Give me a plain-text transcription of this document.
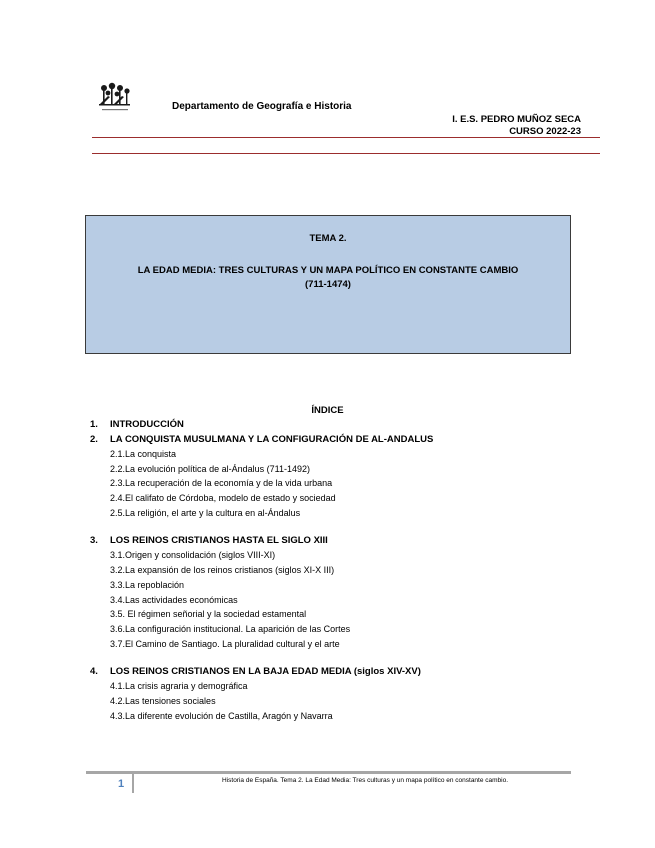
Departamento de Geografía e Historia
I. E.S. PEDRO MUÑOZ SECA
CURSO 2022-23
TEMA 2.
LA EDAD MEDIA: TRES CULTURAS Y UN MAPA POLÍTICO EN CONSTANTE CAMBIO
(711-1474)
ÍNDICE
1. INTRODUCCIÓN
2. LA CONQUISTA MUSULMANA Y LA CONFIGURACIÓN DE AL-ANDALUS
2.1.La conquista
2.2.La evolución política de al-Ándalus (711-1492)
2.3.La recuperación de la economía y de la vida urbana
2.4.El califato de Córdoba, modelo de estado y sociedad
2.5.La religión, el arte y la cultura en al-Ándalus
3. LOS REINOS CRISTIANOS HASTA EL SIGLO XIII
3.1.Origen y consolidación (siglos VIII-XI)
3.2.La expansión de los reinos cristianos (siglos XI-X III)
3.3.La repoblación
3.4.Las actividades económicas
3.5. El régimen señorial y la sociedad estamental
3.6.La configuración institucional. La aparición de las Cortes
3.7.El Camino de Santiago. La pluralidad cultural y el arte
4. LOS REINOS CRISTIANOS EN LA BAJA EDAD MEDIA (siglos XIV-XV)
4.1.La crisis agraria y demográfica
4.2.Las tensiones sociales
4.3.La diferente evolución de Castilla, Aragón y Navarra
1	Historia de España. Tema 2. La Edad Media: Tres culturas y un mapa político en constante cambio.
